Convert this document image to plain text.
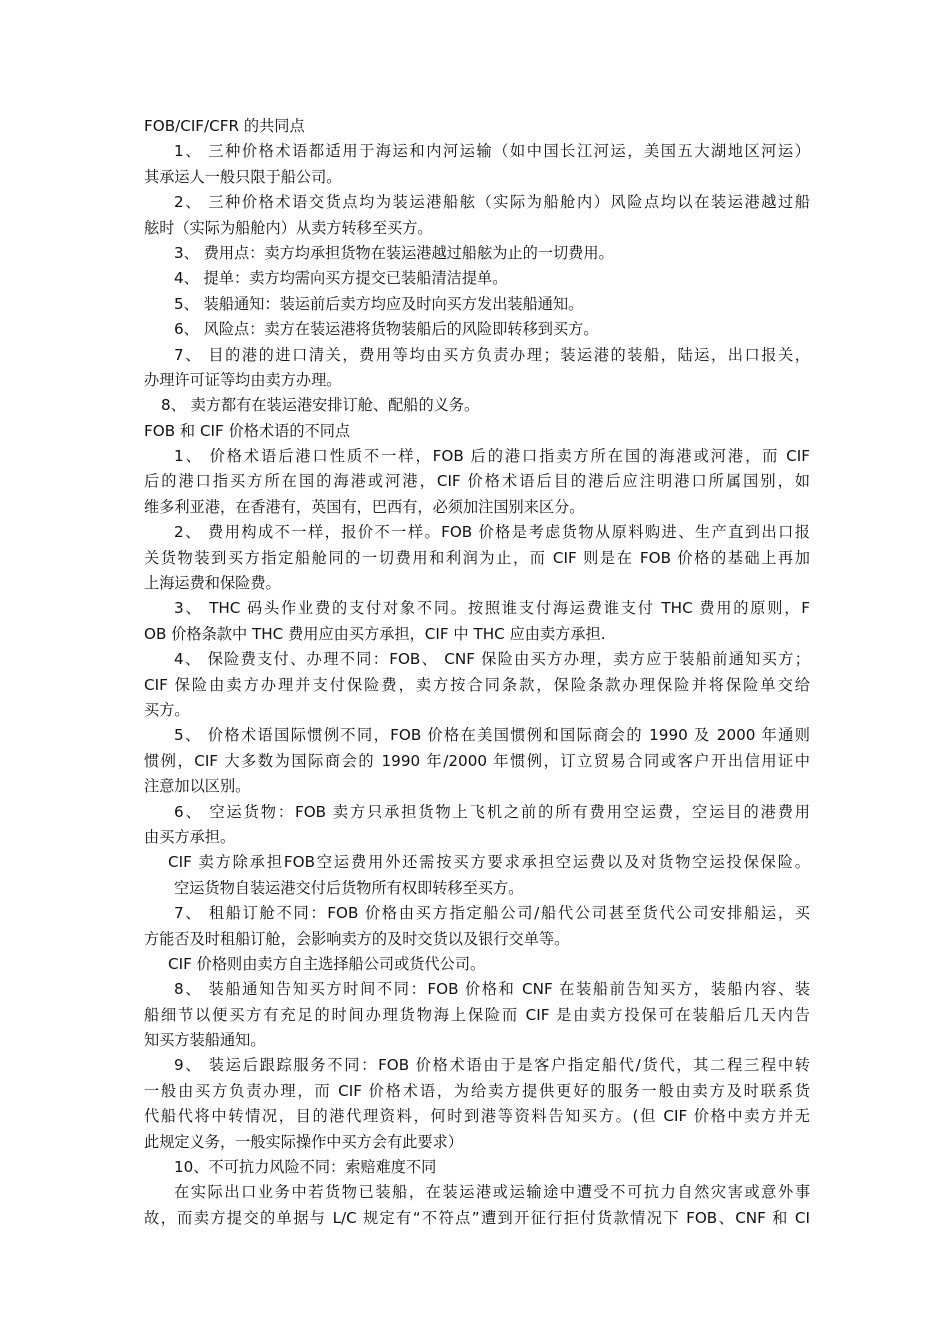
FOB/CIF/CFR 的共同点
1、 三种价格术语都适用于海运和内河运输（如中国长江河运，美国五大湖地区河运）
其承运人一般只限于船公司。
2、 三种价格术语交货点均为装运港船舷（实际为船舱内）风险点均以在装运港越过船
舷时（实际为船舱内）从卖方转移至买方。
3、 费用点：卖方均承担货物在装运港越过船舷为止的一切费用。
4、 提单：卖方均需向买方提交已装船清洁提单。
5、 装船通知：装运前后卖方均应及时向买方发出装船通知。
6、 风险点：卖方在装运港将货物装船后的风险即转移到买方。
7、 目的港的进口清关，费用等均由买方负责办理；装运港的装船，陆运，出口报关，
办理许可证等均由卖方办理。
8、 卖方都有在装运港安排订舱、配船的义务。
FOB 和 CIF 价格术语的不同点
1、 价格术语后港口性质不一样，FOB 后的港口指卖方所在国的海港或河港，而 CIF
后的港口指买方所在国的海港或河港，CIF 价格术语后目的港后应注明港口所属国别，如
维多利亚港，在香港有，英国有，巴西有，必须加注国别来区分。
2、 费用构成不一样，报价不一样。FOB 价格是考虑货物从原料购进、生产直到出口报
关货物装到买方指定船舱同的一切费用和利润为止，而 CIF 则是在 FOB 价格的基础上再加
上海运费和保险费。
3、 THC 码头作业费的支付对象不同。按照谁支付海运费谁支付 THC 费用的原则，F
OB 价格条款中 THC 费用应由买方承担，CIF 中 THC 应由卖方承担.
4、 保险费支付、办理不同：FOB、 CNF 保险由买方办理，卖方应于装船前通知买方；
CIF 保险由卖方办理并支付保险费，卖方按合同条款，保险条款办理保险并将保险单交给
买方。
5、 价格术语国际惯例不同，FOB 价格在美国惯例和国际商会的 1990 及 2000 年通则
惯例，CIF 大多数为国际商会的 1990 年/2000 年惯例，订立贸易合同或客户开出信用证中
注意加以区别。
6、 空运货物：FOB 卖方只承担货物上飞机之前的所有费用空运费，空运目的港费用
由买方承担。
CIF 卖方除承担FOB空运费用外还需按买方要求承担空运费以及对货物空运投保保险。
空运货物自装运港交付后货物所有权即转移至买方。
7、 租船订舱不同：FOB 价格由买方指定船公司/船代公司甚至货代公司安排船运，买
方能否及时租船订舱，会影响卖方的及时交货以及银行交单等。
CIF 价格则由卖方自主选择船公司或货代公司。
8、 装船通知告知买方时间不同：FOB 价格和 CNF 在装船前告知买方，装船内容、装
船细节以便买方有充足的时间办理货物海上保险而 CIF 是由卖方投保可在装船后几天内告
知买方装船通知。
9、 装运后跟踪服务不同：FOB 价格术语由于是客户指定船代/货代，其二程三程中转
一般由买方负责办理，而 CIF 价格术语，为给卖方提供更好的服务一般由卖方及时联系货
代船代将中转情况，目的港代理资料，何时到港等资料告知买方。(但 CIF 价格中卖方并无
此规定义务，一般实际操作中买方会有此要求）
10、不可抗力风险不同：索赔难度不同
在实际出口业务中若货物已装船，在装运港或运输途中遭受不可抗力自然灾害或意外事
故，而卖方提交的单据与 L/C 规定有“不符点”遭到开征行拒付货款情况下 FOB、CNF 和 CI
